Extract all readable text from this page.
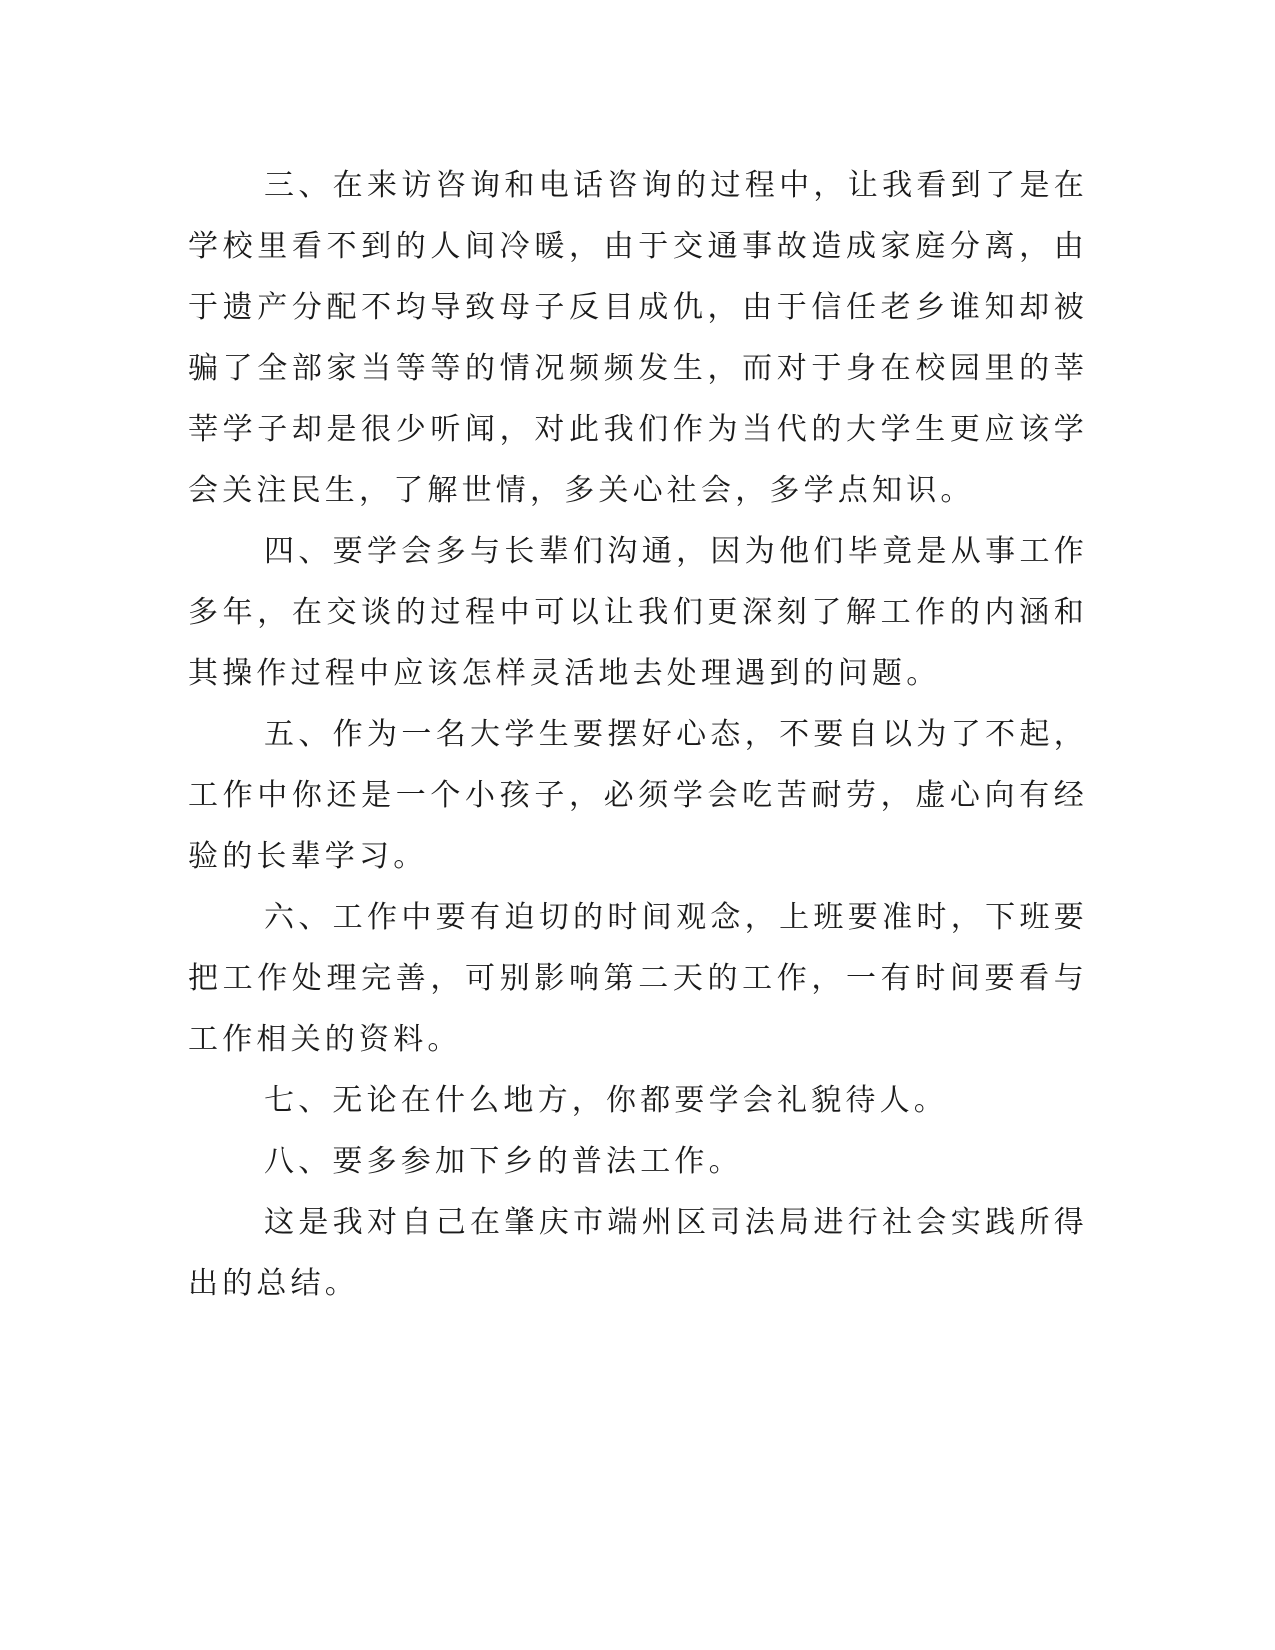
三、在来访咨询和电话咨询的过程中，让我看到了是在学校里看不到的人间冷暖，由于交通事故造成家庭分离，由于遗产分配不均导致母子反目成仇，由于信任老乡谁知却被骗了全部家当等等的情况频频发生，而对于身在校园里的莘莘学子却是很少听闻，对此我们作为当代的大学生更应该学会关注民生，了解世情，多关心社会，多学点知识。

四、要学会多与长辈们沟通，因为他们毕竟是从事工作多年，在交谈的过程中可以让我们更深刻了解工作的内涵和其操作过程中应该怎样灵活地去处理遇到的问题。

五、作为一名大学生要摆好心态，不要自以为了不起，工作中你还是一个小孩子，必须学会吃苦耐劳，虚心向有经验的长辈学习。

六、工作中要有迫切的时间观念，上班要准时，下班要把工作处理完善，可别影响第二天的工作，一有时间要看与工作相关的资料。

七、无论在什么地方，你都要学会礼貌待人。

八、要多参加下乡的普法工作。

这是我对自己在肇庆市端州区司法局进行社会实践所得出的总结。
